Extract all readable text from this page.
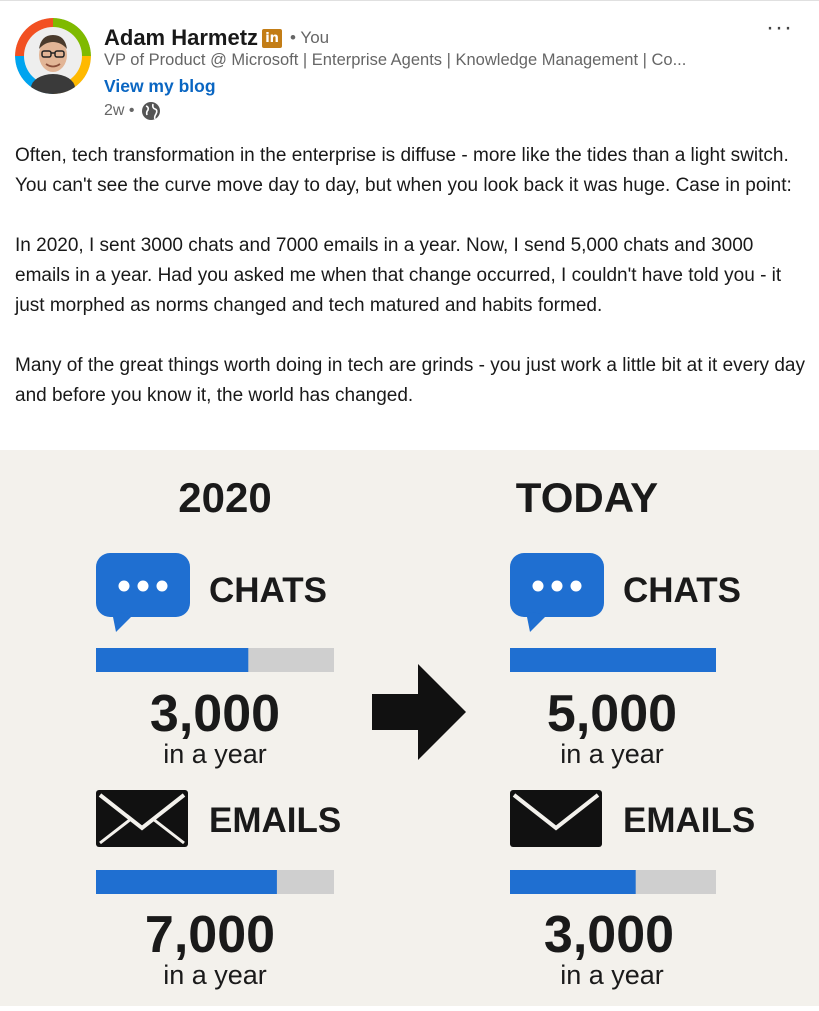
Adam Harmetz in • You
VP of Product @ Microsoft | Enterprise Agents | Knowledge Management | Co...
View my blog
2w •
···

Often, tech transformation in the enterprise is diffuse - more like the tides than a light switch. You can't see the curve move day to day, but when you look back it was huge. Case in point:

In 2020, I sent 3000 chats and 7000 emails in a year. Now, I send 5,000 chats and 3000 emails in a year. Had you asked me when that change occurred, I couldn't have told you - it just morphed as norms changed and tech matured and habits formed.

Many of the great things worth doing in tech are grinds - you just work a little bit at it every day and before you know it, the world has changed.

2020
CHATS
3,000
in a year
EMAILS
7,000
in a year
TODAY
CHATS
5,000
in a year
EMAILS
3,000
in a year
